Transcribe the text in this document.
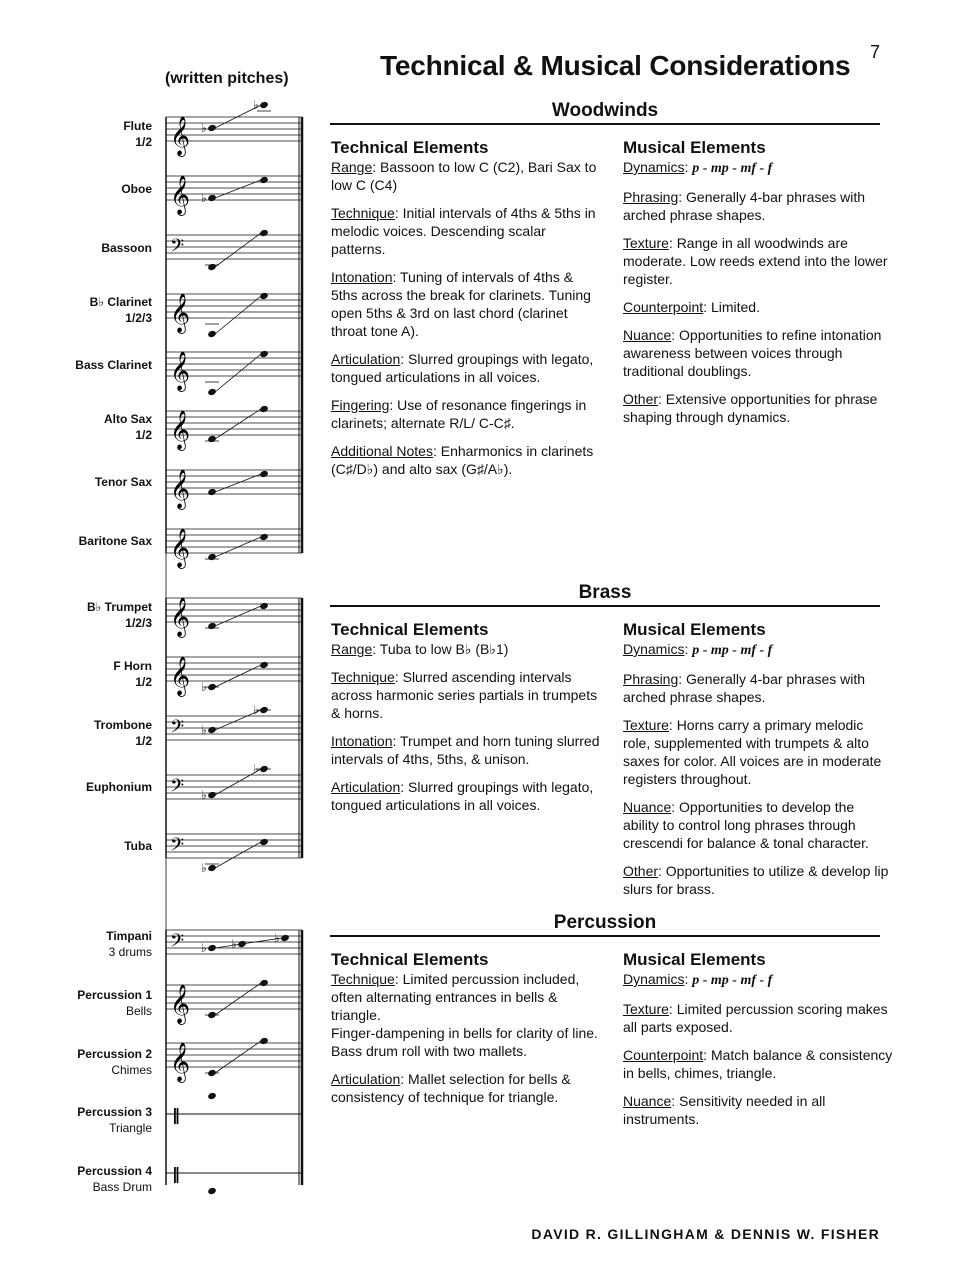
7
(written pitches)	Technical & Musical Considerations
Flute
1/2
Oboe
Bassoon
B♭ Clarinet
1/2/3
Bass Clarinet
Alto Sax
1/2
Tenor Sax
Baritone Sax
B♭ Trumpet
1/2/3
F Horn
1/2
Trombone
1/2
Euphonium
Tuba
Timpani
3 drums
Percussion 1
Bells
Percussion 2
Chimes
Percussion 3
Triangle
Percussion 4
Bass Drum
𝄞 ♭
♭
𝄞 ♭
𝄢
𝄞
𝄞
𝄞
𝄞
𝄞
𝄞
𝄞 ♭
𝄢 ♭
♭
𝄢 ♭
♭
𝄢
♭
𝄢 ♭ ♭	♭
𝄞
𝄞
‖
‖
Woodwinds
Technical Elements

Range: Bassoon to low C (C2), Bari Sax to low C (C4)

Technique: Initial intervals of 4ths & 5ths in melodic voices. Descending scalar patterns.

Intonation: Tuning of intervals of 4ths & 5ths across the break for clarinets. Tuning open 5ths & 3rd on last chord (clarinet throat tone A).

Articulation: Slurred groupings with legato, tongued articulations in all voices.

Fingering: Use of resonance fingerings in clarinets; alternate R/L/ C-C♯.

Additional Notes: Enharmonics in clarinets (C♯/D♭) and alto sax (G♯/A♭).

Musical Elements

Dynamics: p - mp - mf - f

Phrasing: Generally 4-bar phrases with arched phrase shapes.

Texture: Range in all woodwinds are moderate. Low reeds extend into the lower register.

Counterpoint: Limited.

Nuance: Opportunities to refine intonation awareness between voices through traditional doublings.

Other: Extensive opportunities for phrase shaping through dynamics.

Brass
Technical Elements

Range: Tuba to low B♭ (B♭1)

Technique: Slurred ascending intervals across harmonic series partials in trumpets & horns.

Intonation: Trumpet and horn tuning slurred intervals of 4ths, 5ths, & unison.

Articulation: Slurred groupings with legato, tongued articulations in all voices.

Musical Elements

Dynamics: p - mp - mf - f

Phrasing: Generally 4-bar phrases with arched phrase shapes.

Texture: Horns carry a primary melodic role, supplemented with trumpets & alto saxes for color. All voices are in moderate registers throughout.

Nuance: Opportunities to develop the ability to control long phrases through crescendi for balance & tonal character.

Other: Opportunities to utilize & develop lip slurs for brass.

Percussion
Technical Elements

Technique: Limited percussion included, often alternating entrances in bells & triangle.
Finger-dampening in bells for clarity of line. Bass drum roll with two mallets.

Articulation: Mallet selection for bells & consistency of technique for triangle.

Musical Elements

Dynamics: p - mp - mf - f

Texture: Limited percussion scoring makes all parts exposed.

Counterpoint: Match balance & consistency in bells, chimes, triangle.

Nuance: Sensitivity needed in all instruments.

DAVID R. GILLINGHAM & DENNIS W. FISHER
